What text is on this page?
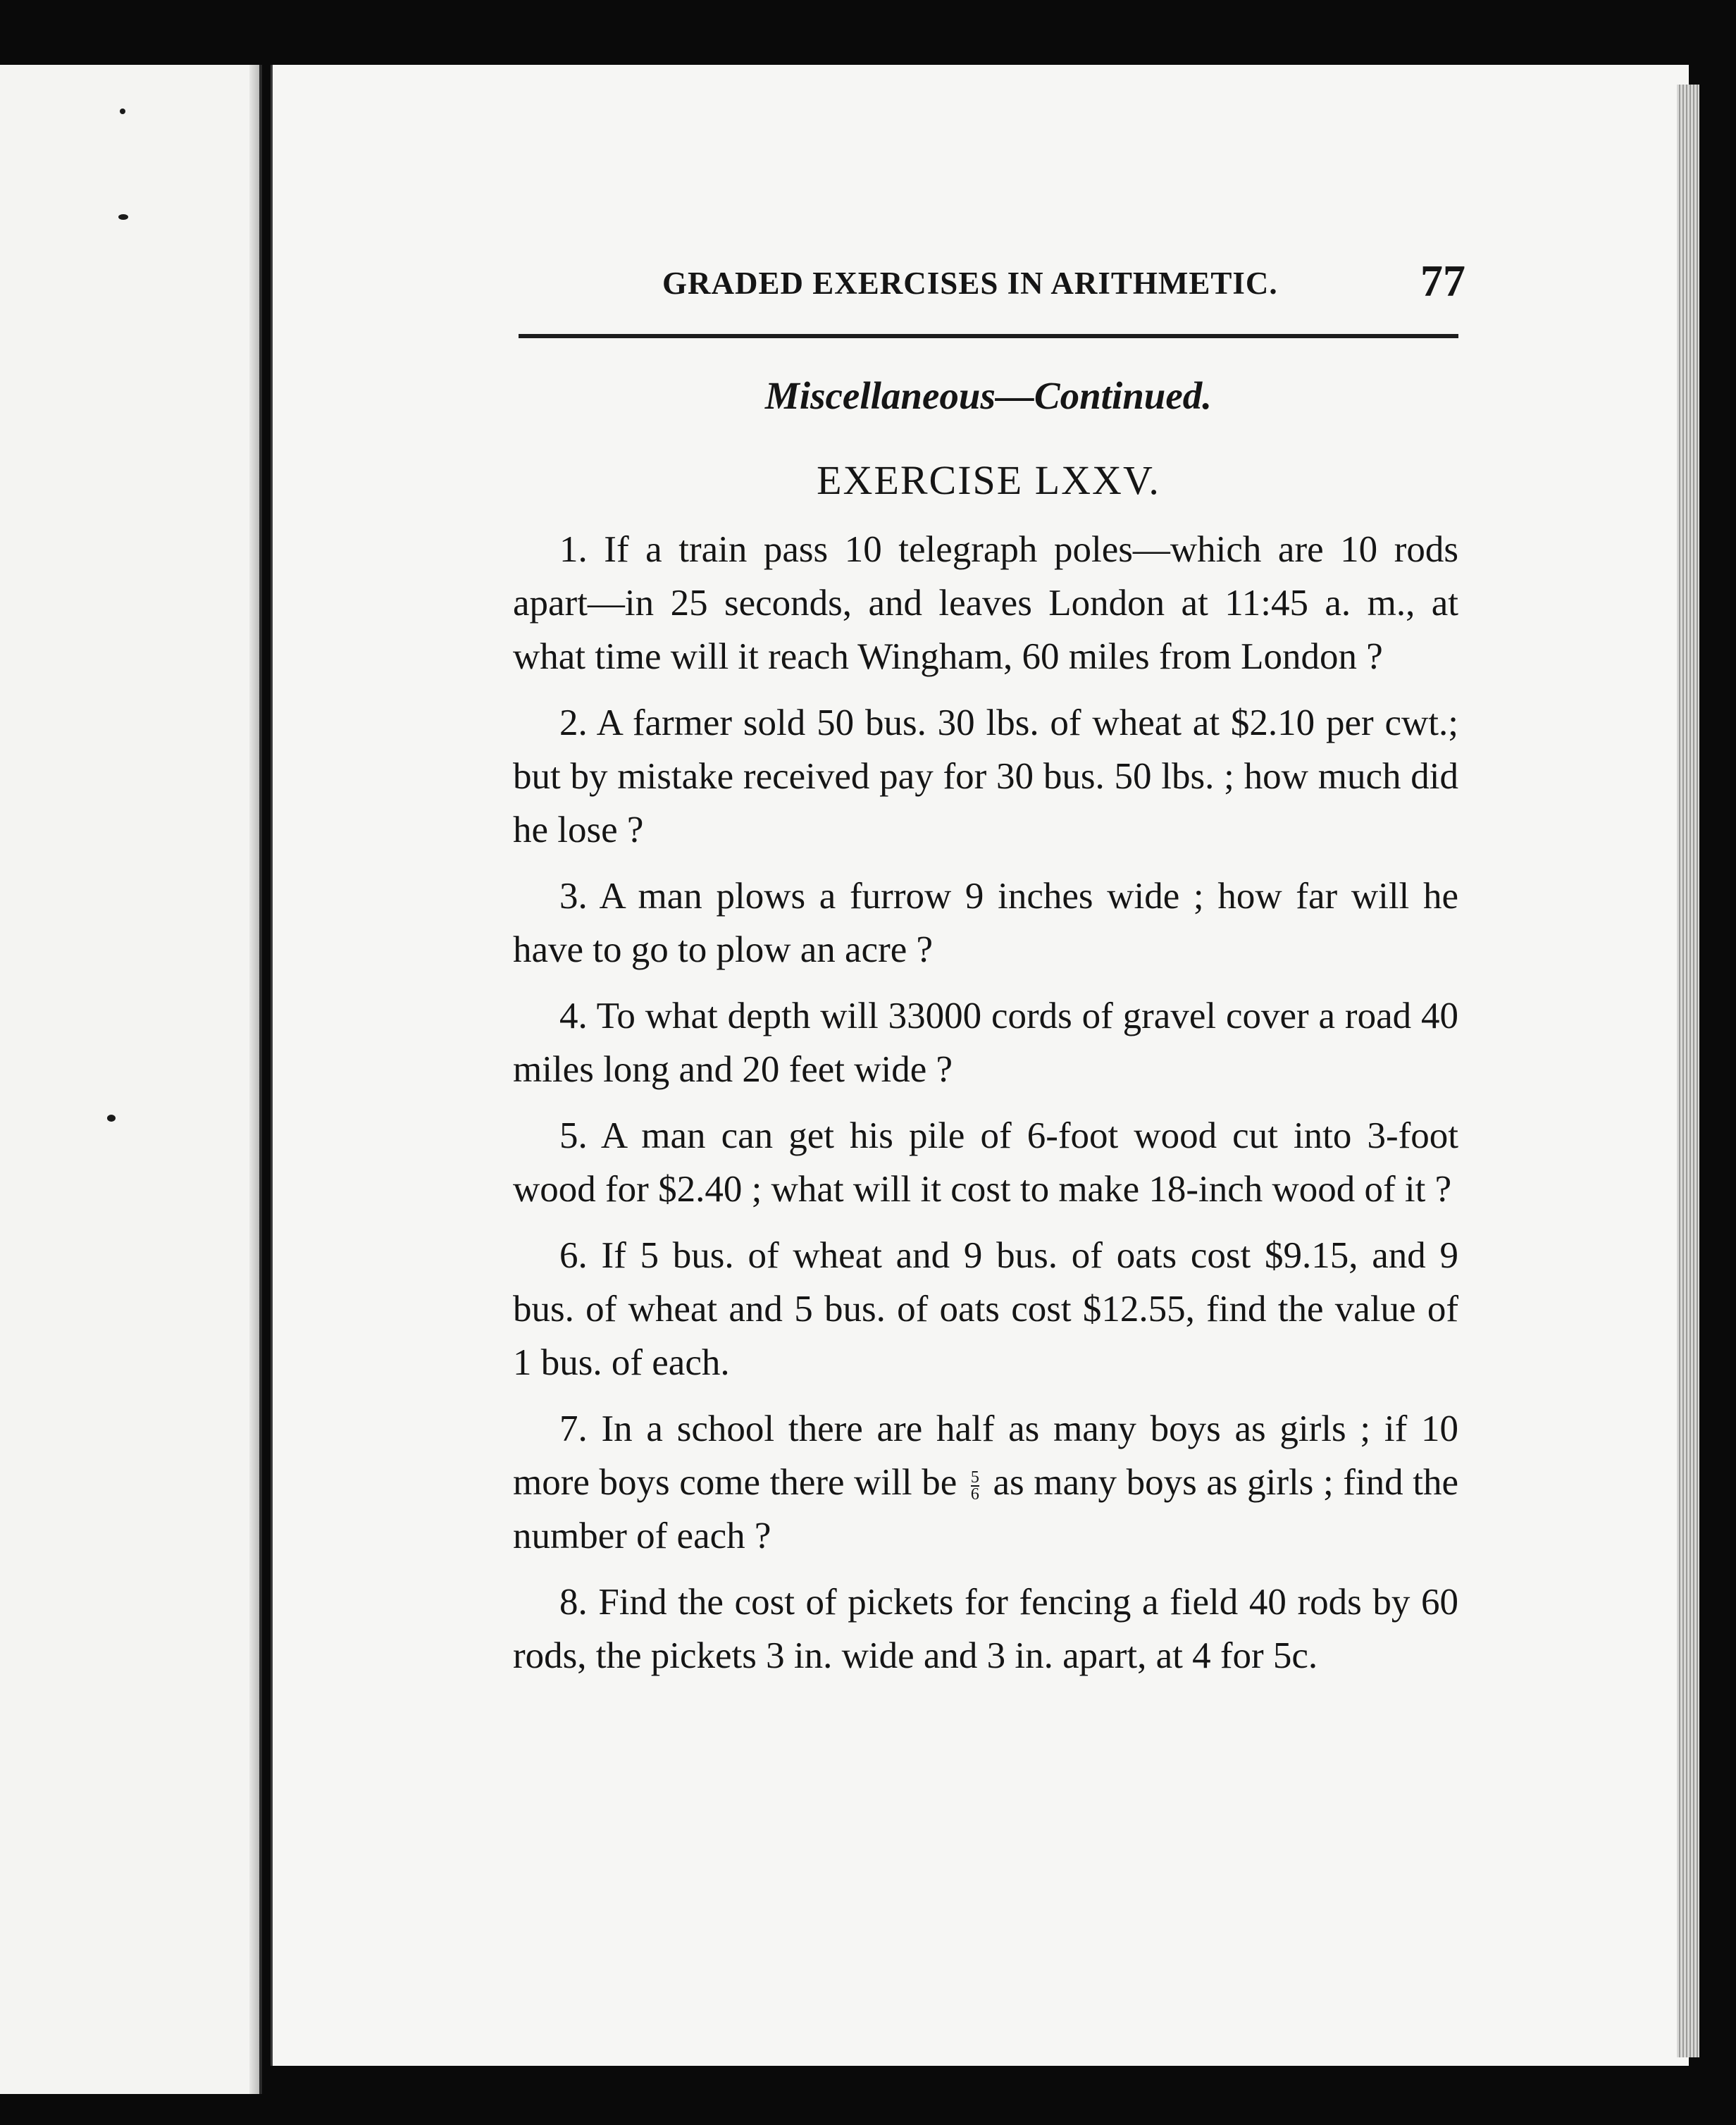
GRADED EXERCISES IN ARITHMETIC.	77
Miscellaneous—Continued.
EXERCISE LXXV.

1. If a train pass 10 telegraph poles—which are 10 rods apart—in 25 seconds, and leaves London at 11:45 a. m., at what time will it reach Wingham, 60 miles from London ?

2. A farmer sold 50 bus. 30 lbs. of wheat at $2.10 per cwt.; but by mistake received pay for 30 bus. 50 lbs. ; how much did he lose ?

3. A man plows a furrow 9 inches wide ; how far will he have to go to plow an acre ?

4. To what depth will 33000 cords of gravel cover a road 40 miles long and 20 feet wide ?

5. A man can get his pile of 6-foot wood cut into 3-foot wood for $2.40 ; what will it cost to make 18-inch wood of it ?

6. If 5 bus. of wheat and 9 bus. of oats cost $9.15, and 9 bus. of wheat and 5 bus. of oats cost $12.55, find the value of 1 bus. of each.

7. In a school there are half as many boys as girls ; if 10 more boys come there will be $\frac{5}{6}$ as many boys as girls ; find the number of each ?

8. Find the cost of pickets for fencing a field 40 rods by 60 rods, the pickets 3 in. wide and 3 in. apart, at 4 for 5c.
